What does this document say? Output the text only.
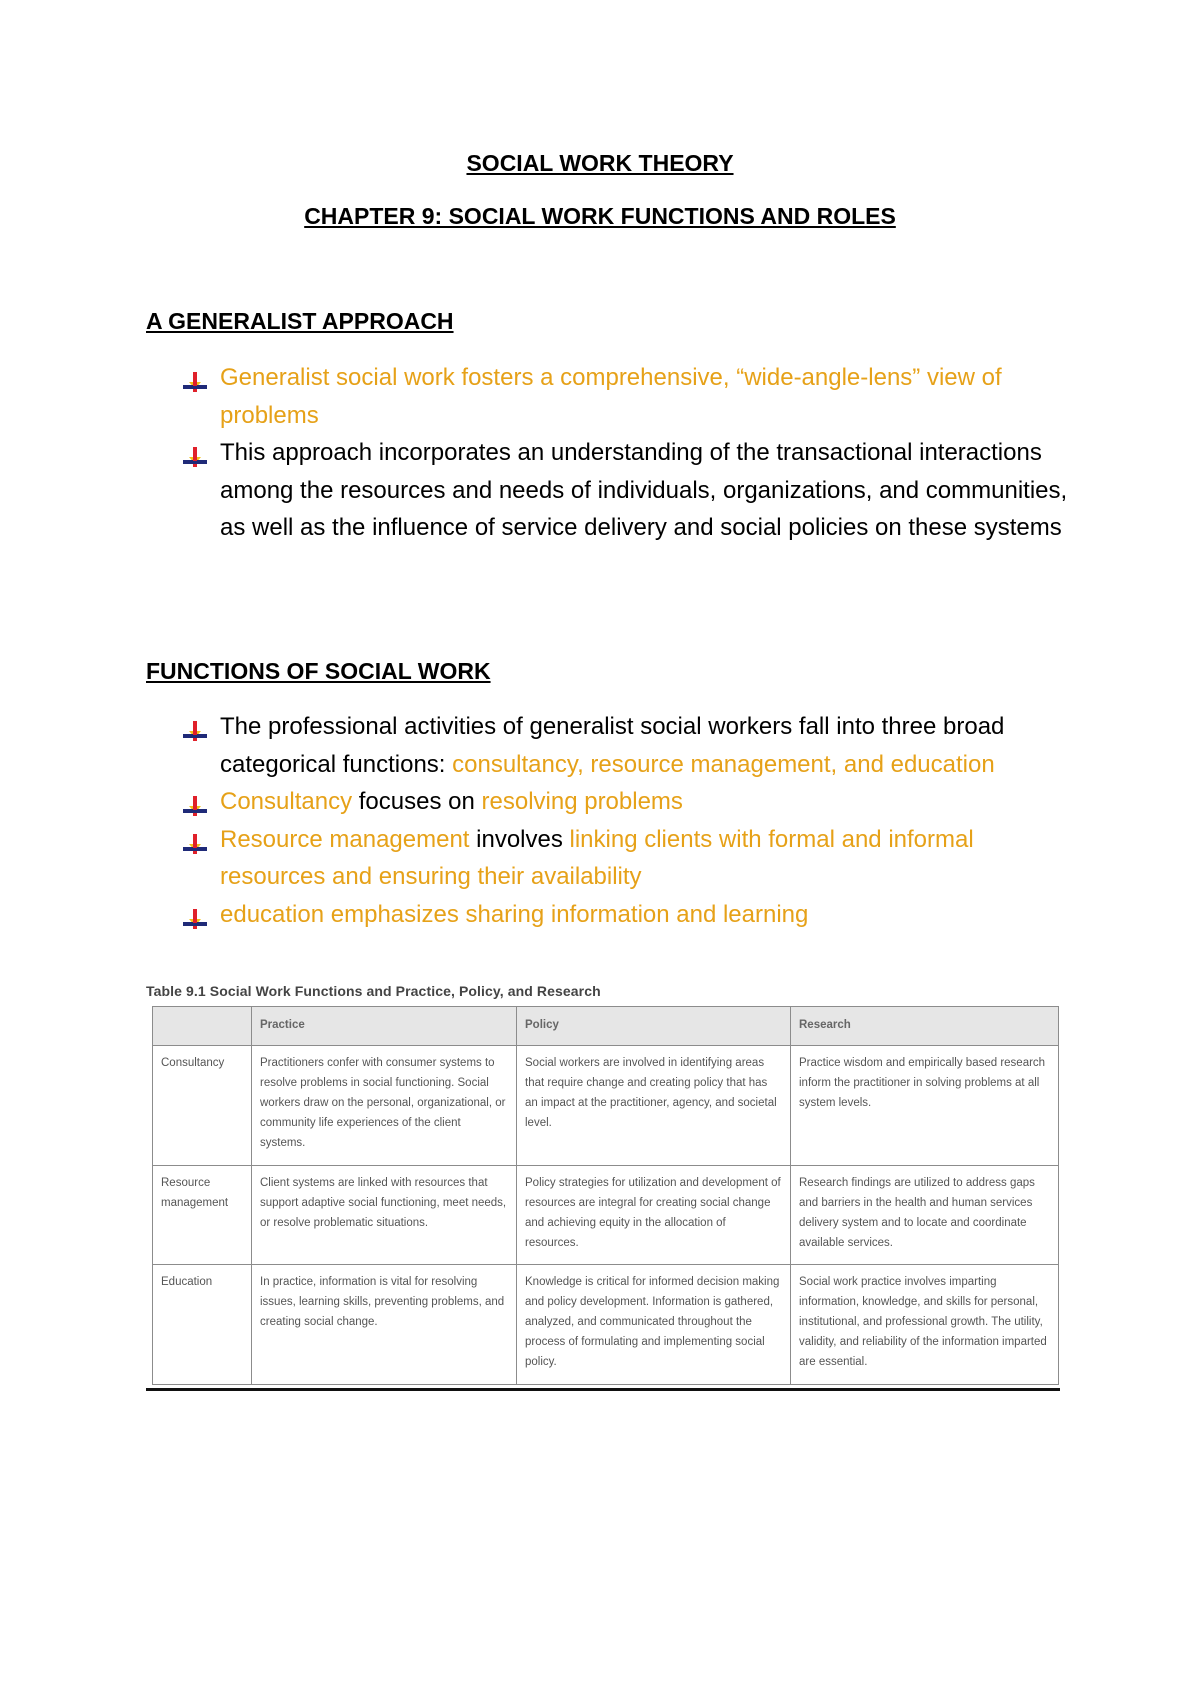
SOCIAL WORK THEORY
CHAPTER 9: SOCIAL WORK FUNCTIONS AND ROLES
A GENERALIST APPROACH
Generalist social work fosters a comprehensive, “wide-angle-lens” view of problems
This approach incorporates an understanding of the transactional interactions among the resources and needs of individuals, organizations, and communities, as well as the influence of service delivery and social policies on these systems
FUNCTIONS OF SOCIAL WORK
The professional activities of generalist social workers fall into three broad categorical functions: consultancy, resource management, and education
Consultancy focuses on resolving problems
Resource management involves linking clients with formal and informal resources and ensuring their availability
education emphasizes sharing information and learning
Table 9.1 Social Work Functions and Practice, Policy, and Research
	Practice	Policy	Research
Consultancy	Practitioners confer with consumer systems to resolve problems in social functioning. Social workers draw on the personal, organizational, or community life experiences of the client systems.	Social workers are involved in identifying areas that require change and creating policy that has an impact at the practitioner, agency, and societal level.	Practice wisdom and empirically based research inform the practitioner in solving problems at all system levels.
Resource management	Client systems are linked with resources that support adaptive social functioning, meet needs, or resolve problematic situations.	Policy strategies for utilization and development of resources are integral for creating social change and achieving equity in the allocation of resources.	Research findings are utilized to address gaps and barriers in the health and human services delivery system and to locate and coordinate available services.
Education	In practice, information is vital for resolving issues, learning skills, preventing problems, and creating social change.	Knowledge is critical for informed decision making and policy development. Information is gathered, analyzed, and communicated throughout the process of formulating and implementing social policy.	Social work practice involves imparting information, knowledge, and skills for personal, institutional, and professional growth. The utility, validity, and reliability of the information imparted are essential.
